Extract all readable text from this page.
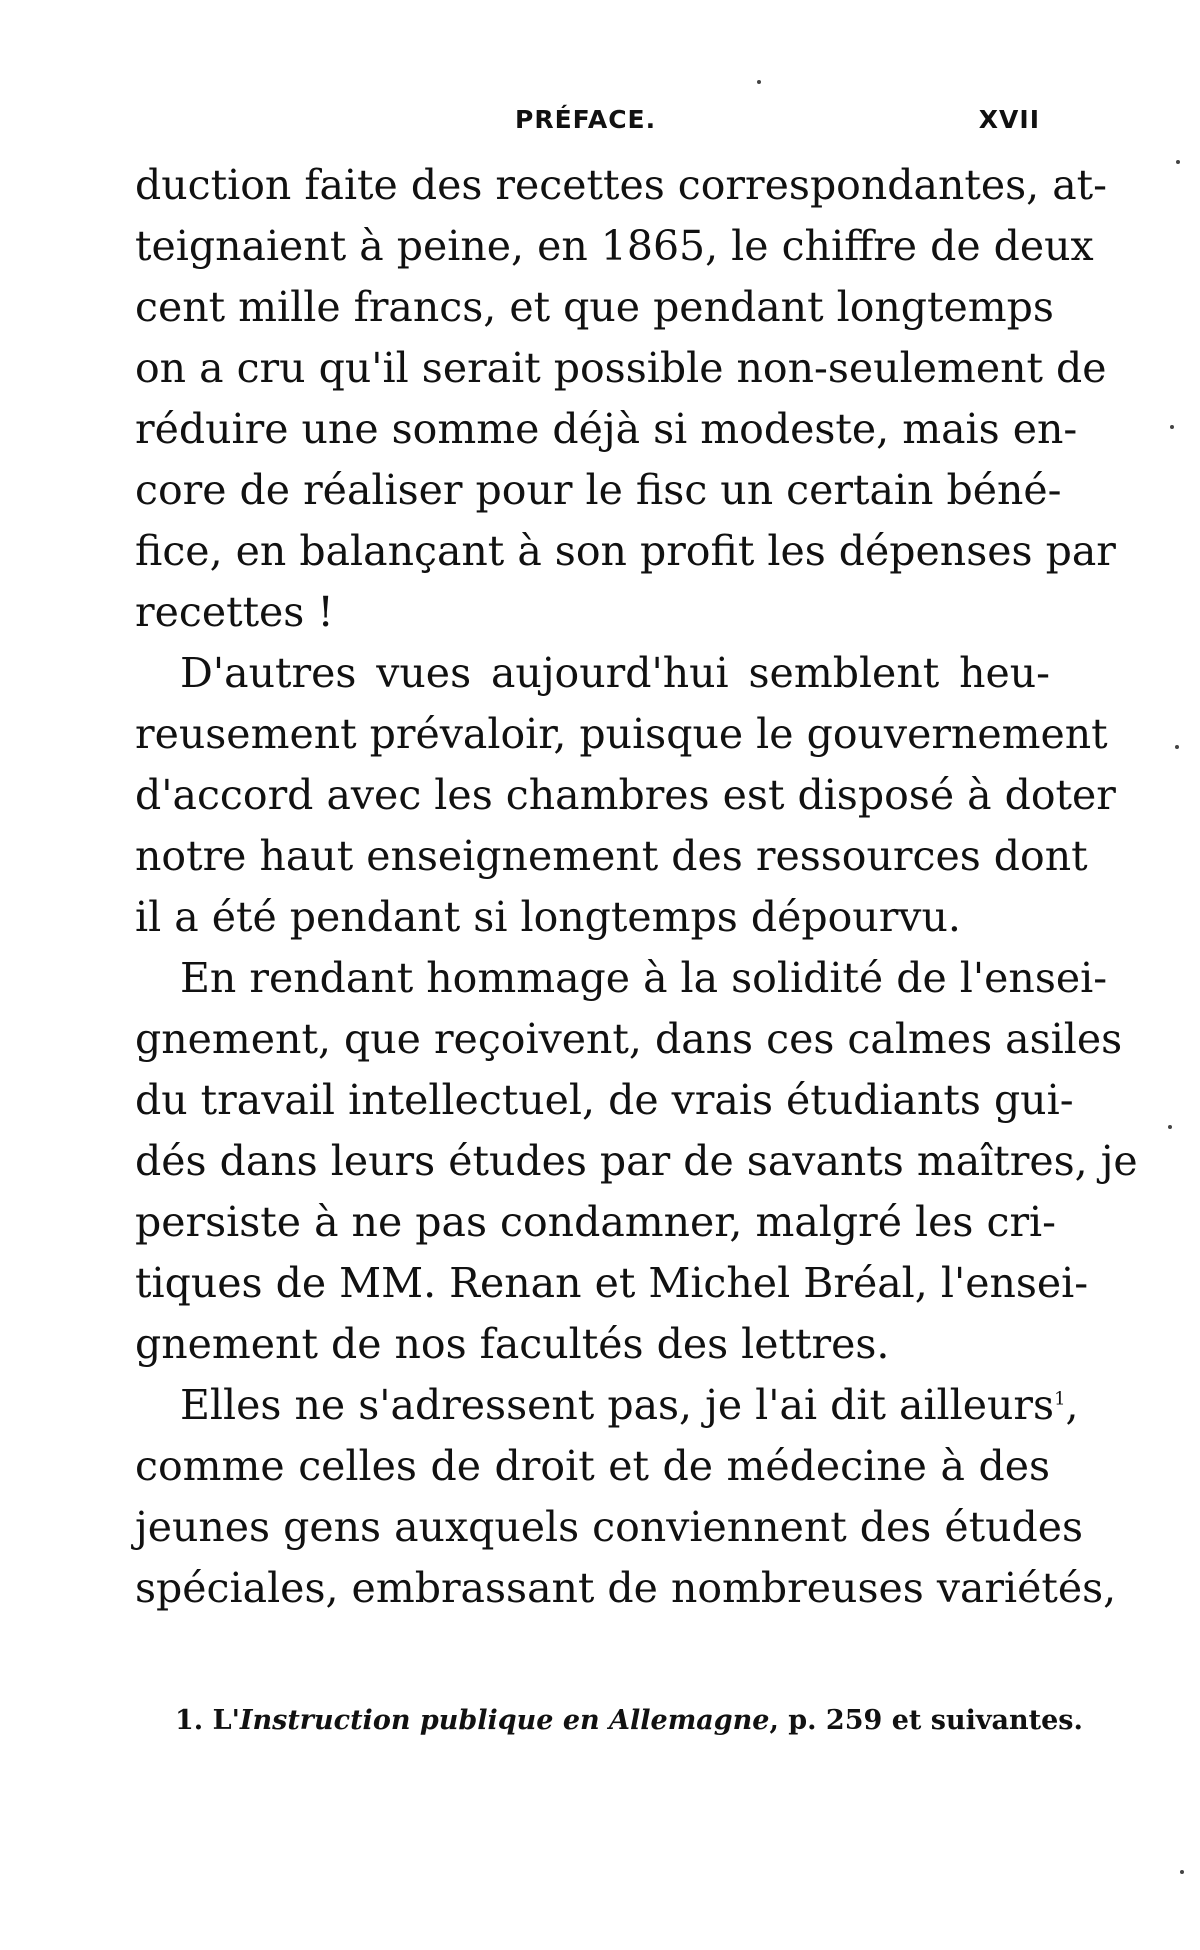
PRÉFACE.	XVII

duction faite des recettes correspondantes, at-
teignaient à peine, en 1865, le chiffre de deux
cent mille francs, et que pendant longtemps
on a cru qu'il serait possible non-seulement de
réduire une somme déjà si modeste, mais en-
core de réaliser pour le fisc un certain béné-
fice, en balançant à son profit les dépenses par
recettes !

D'autres vues aujourd'hui semblent heu-
reusement prévaloir, puisque le gouvernement
d'accord avec les chambres est disposé à doter
notre haut enseignement des ressources dont
il a été pendant si longtemps dépourvu.

En rendant hommage à la solidité de l'ensei-
gnement, que reçoivent, dans ces calmes asiles
du travail intellectuel, de vrais étudiants gui-
dés dans leurs études par de savants maîtres, je
persiste à ne pas condamner, malgré les cri-
tiques de MM. Renan et Michel Bréal, l'ensei-
gnement de nos facultés des lettres.

Elles ne s'adressent pas, je l'ai dit ailleurs$^1$,
comme celles de droit et de médecine à des
jeunes gens auxquels conviennent des études
spéciales, embrassant de nombreuses variétés,

1. L'Instruction publique en Allemagne, p. 259 et suivantes.
